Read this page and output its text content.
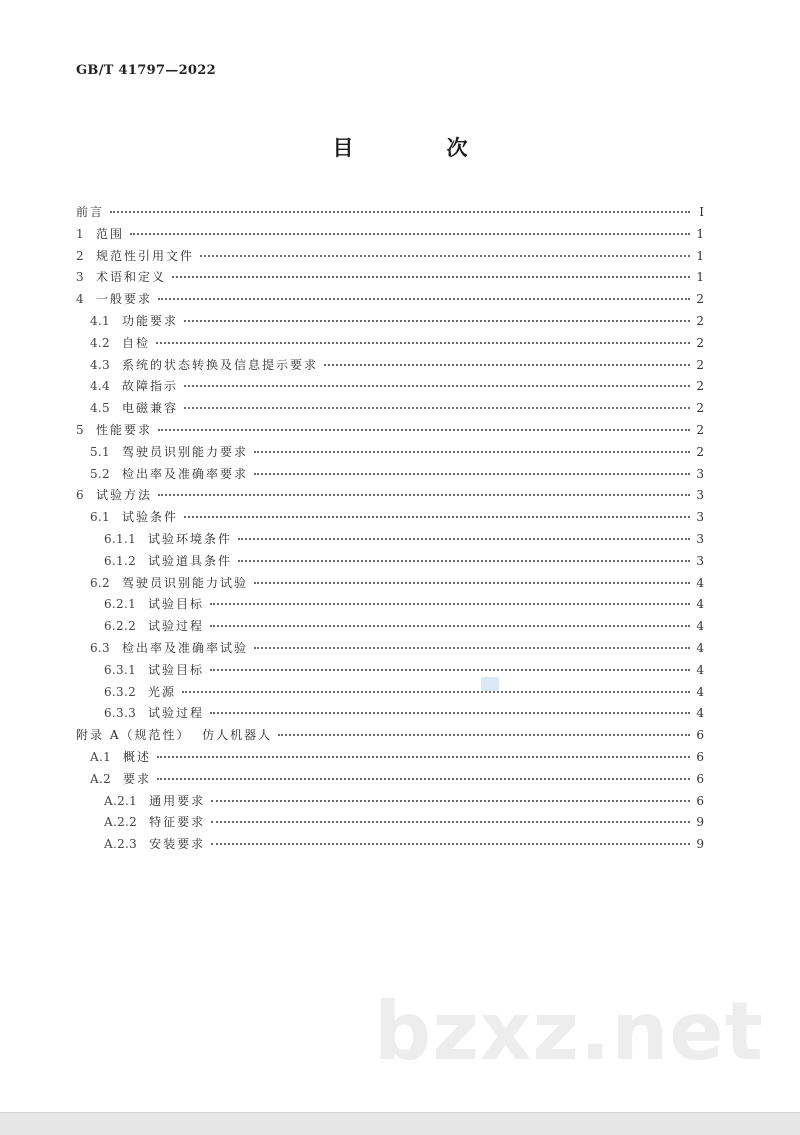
GB/T 41797—2022
目　次
前言	Ⅰ
1 范围	1
2 规范性引用文件	1
3 术语和定义	1
4 一般要求	2
4.1 功能要求	2
4.2 自检	2
4.3 系统的状态转换及信息提示要求	2
4.4 故障指示	2
4.5 电磁兼容	2
5 性能要求	2
5.1 驾驶员识别能力要求	2
5.2 检出率及准确率要求	3
6 试验方法	3
6.1 试验条件	3
6.1.1 试验环境条件	3
6.1.2 试验道具条件	3
6.2 驾驶员识别能力试验	4
6.2.1 试验目标	4
6.2.2 试验过程	4
6.3 检出率及准确率试验	4
6.3.1 试验目标	4
6.3.2 光源	4
6.3.3 试验过程	4
附录 A（规范性）  仿人机器人	6
A.1 概述	6
A.2 要求	6
A.2.1 通用要求	6
A.2.2 特征要求	9
A.2.3 安装要求	9
bzxz.net
